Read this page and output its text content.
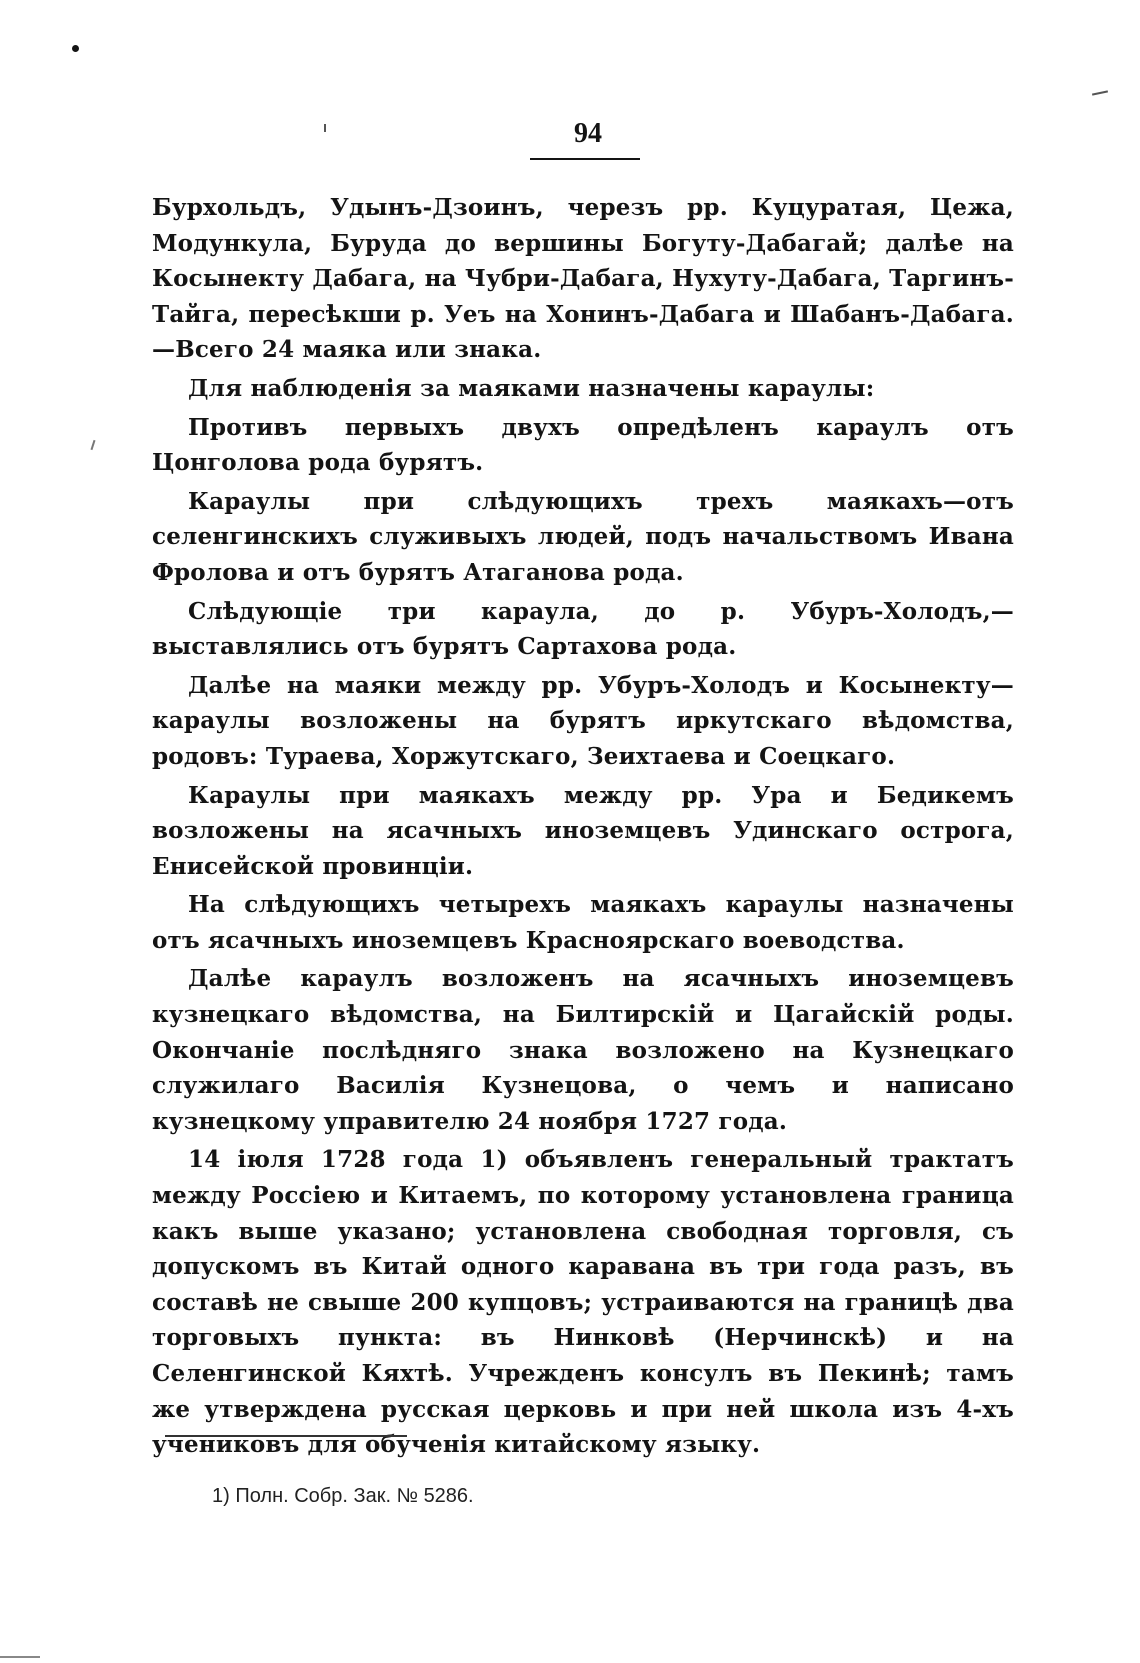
94

Бурхольдъ, Удынъ-Дзоинъ, черезъ рр. Куцуратая, Цежа, Модункула, Буруда до вершины Богуту-Дабагай; далѣе на Косынекту Дабага, на Чубри-Дабага, Нухуту-Дабага, Таргинъ-Тайга, пересѣкши р. Уеъ на Хонинъ-Дабага и Шабанъ-Дабага.—Всего 24 маяка или знака.

Для наблюденія за маяками назначены караулы:

Противъ первыхъ двухъ опредѣленъ караулъ отъ Цонголова рода бурятъ.

Караулы при слѣдующихъ трехъ маякахъ—отъ селенгинскихъ служивыхъ людей, подъ начальствомъ Ивана Фролова и отъ бурятъ Атаганова рода.

Слѣдующіе три караула, до р. Убуръ-Холодъ,—выставлялись отъ бурятъ Сартахова рода.

Далѣе на маяки между рр. Убуръ-Холодъ и Косынекту—караулы возложены на бурятъ иркутскаго вѣдомства, родовъ: Тураева, Хоржутскаго, Зеихтаева и Соецкаго.

Караулы при маякахъ между рр. Ура и Бедикемъ возложены на ясачныхъ иноземцевъ Удинскаго острога, Енисейской провинціи.

На слѣдующихъ четырехъ маякахъ караулы назначены отъ ясачныхъ иноземцевъ Красноярскаго воеводства.

Далѣе караулъ возложенъ на ясачныхъ иноземцевъ кузнецкаго вѣдомства, на Билтирскій и Цагайскій роды. Окончаніе послѣдняго знака возложено на Кузнецкаго служилаго Василія Кузнецова, о чемъ и написано кузнецкому управителю 24 ноября 1727 года.

14 іюля 1728 года 1) объявленъ генеральный трактатъ между Россіею и Китаемъ, по которому установлена граница какъ выше указано; установлена свободная торговля, съ допускомъ въ Китай одного каравана въ три года разъ, въ составѣ не свыше 200 купцовъ; устраиваются на границѣ два торговыхъ пункта: въ Нинковѣ (Нерчинскѣ) и на Селенгинской Кяхтѣ. Учрежденъ консулъ въ Пекинѣ; тамъ же утверждена русская церковь и при ней школа изъ 4-хъ учениковъ для обученія китайскому языку.

1) Полн. Собр. Зак. № 5286.
